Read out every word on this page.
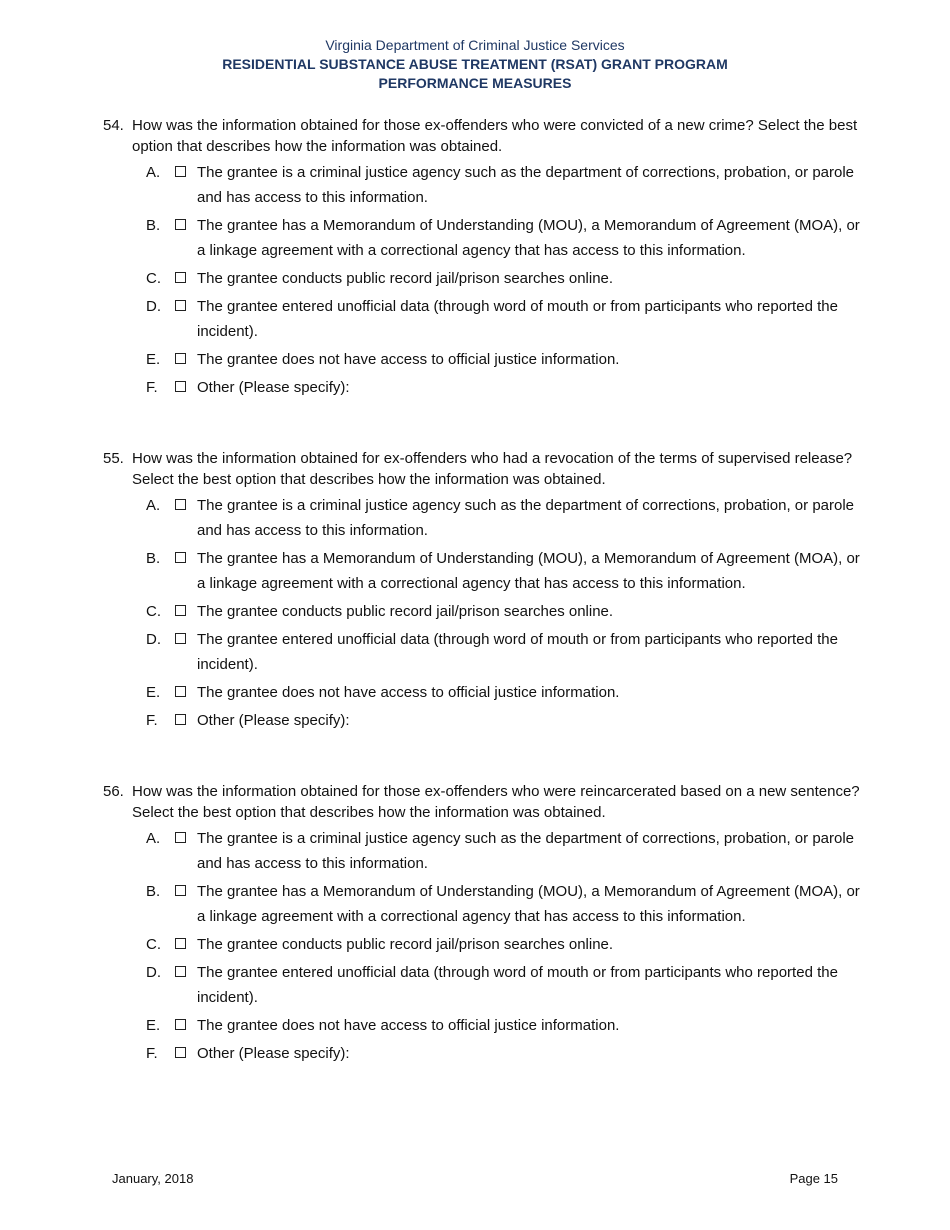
Virginia Department of Criminal Justice Services
RESIDENTIAL SUBSTANCE ABUSE TREATMENT (RSAT) GRANT PROGRAM
PERFORMANCE MEASURES
54. How was the information obtained for those ex-offenders who were convicted of a new crime? Select the best option that describes how the information was obtained.
A. The grantee is a criminal justice agency such as the department of corrections, probation, or parole and has access to this information.
B. The grantee has a Memorandum of Understanding (MOU), a Memorandum of Agreement (MOA), or a linkage agreement with a correctional agency that has access to this information.
C. The grantee conducts public record jail/prison searches online.
D. The grantee entered unofficial data (through word of mouth or from participants who reported the incident).
E. The grantee does not have access to official justice information.
F.	Other (Please specify):
55. How was the information obtained for ex-offenders who had a revocation of the terms of supervised release? Select the best option that describes how the information was obtained.
A. The grantee is a criminal justice agency such as the department of corrections, probation, or parole and has access to this information.
B. The grantee has a Memorandum of Understanding (MOU), a Memorandum of Agreement (MOA), or a linkage agreement with a correctional agency that has access to this information.
C. The grantee conducts public record jail/prison searches online.
D. The grantee entered unofficial data (through word of mouth or from participants who reported the incident).
E. The grantee does not have access to official justice information.
F.	Other (Please specify):
56. How was the information obtained for those ex-offenders who were reincarcerated based on a new sentence? Select the best option that describes how the information was obtained.
A. The grantee is a criminal justice agency such as the department of corrections, probation, or parole and has access to this information.
B. The grantee has a Memorandum of Understanding (MOU), a Memorandum of Agreement (MOA), or a linkage agreement with a correctional agency that has access to this information.
C. The grantee conducts public record jail/prison searches online.
D. The grantee entered unofficial data (through word of mouth or from participants who reported the incident).
E. The grantee does not have access to official justice information.
F.	Other (Please specify):
January, 2018	Page 15
